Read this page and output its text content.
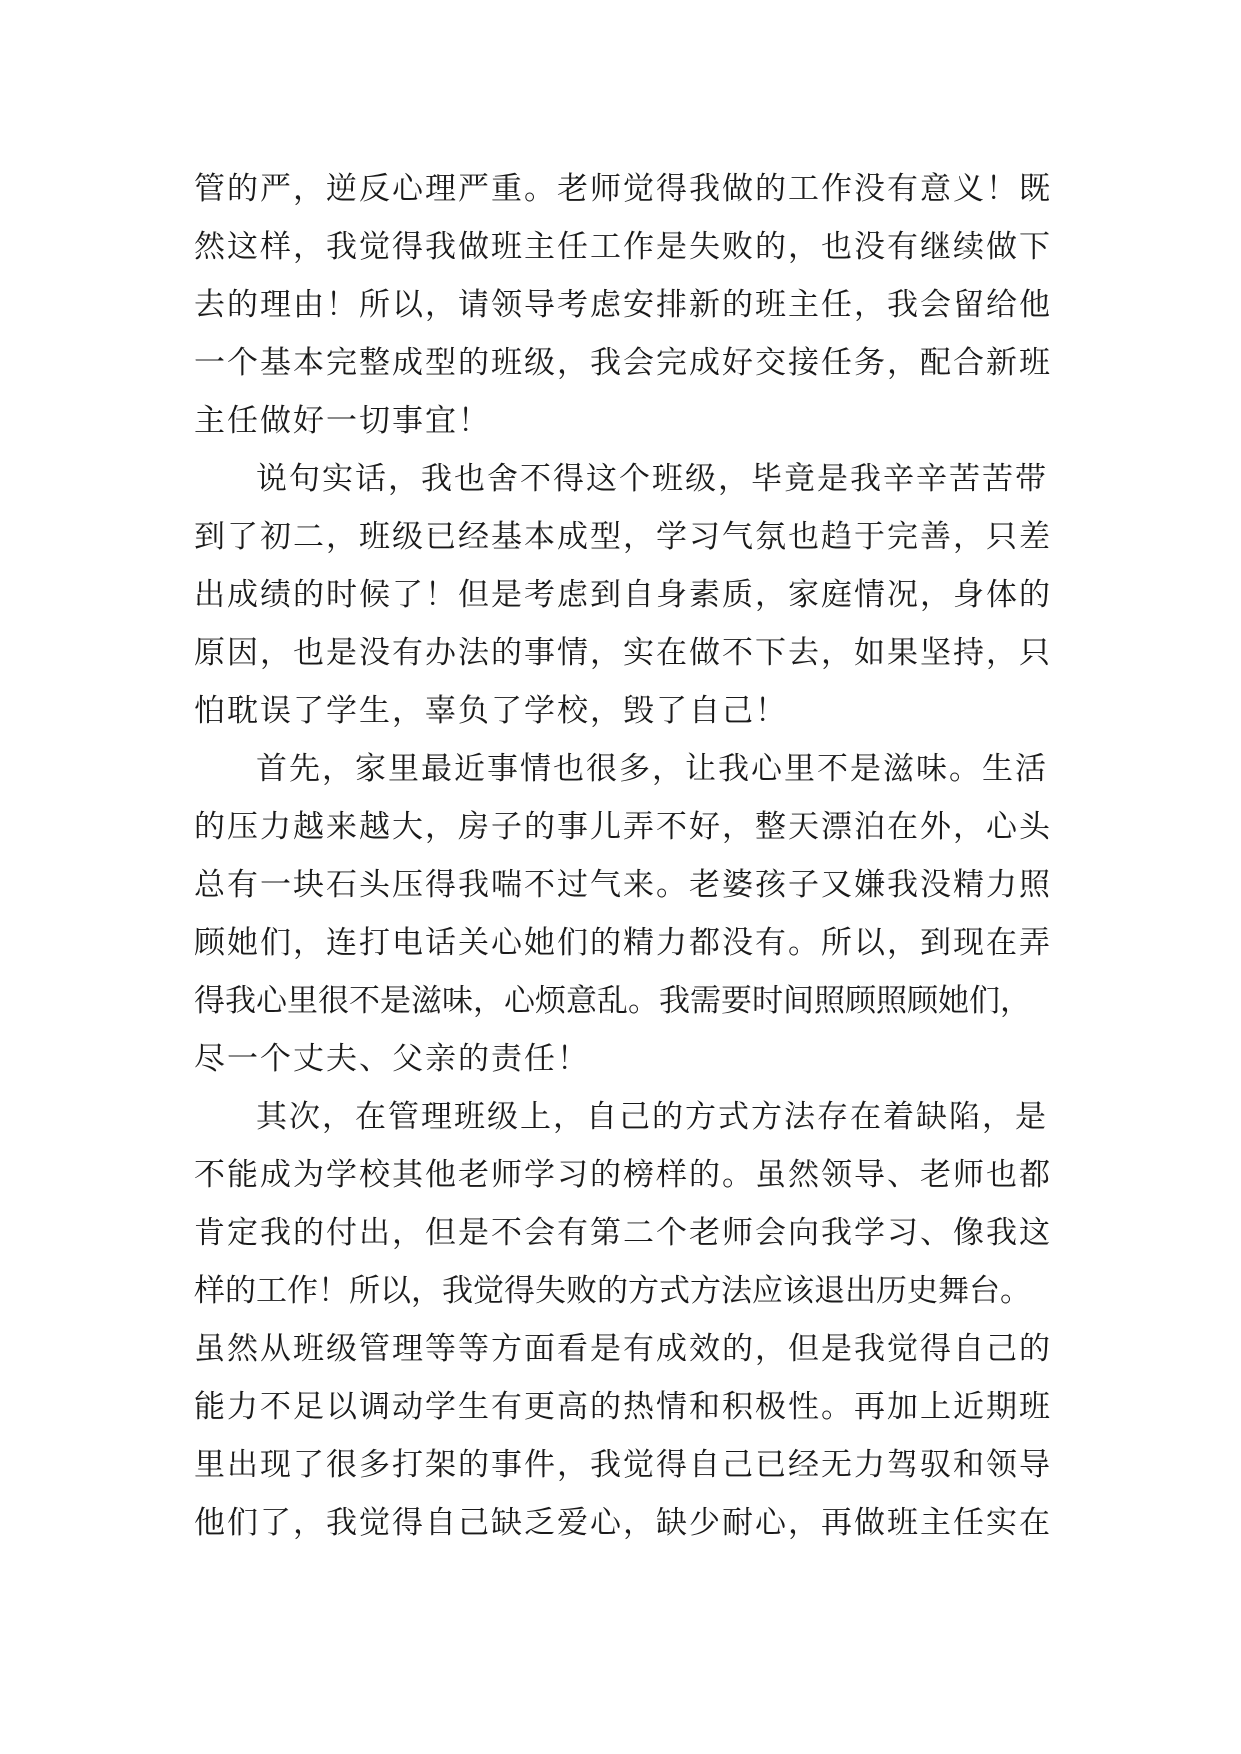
管的严，逆反心理严重。老师觉得我做的工作没有意义！既
然这样，我觉得我做班主任工作是失败的，也没有继续做下
去的理由！所以，请领导考虑安排新的班主任，我会留给他
一个基本完整成型的班级，我会完成好交接任务，配合新班
主任做好一切事宜！
说句实话，我也舍不得这个班级，毕竟是我辛辛苦苦带
到了初二，班级已经基本成型，学习气氛也趋于完善，只差
出成绩的时候了！但是考虑到自身素质，家庭情况，身体的
原因，也是没有办法的事情，实在做不下去，如果坚持，只
怕耽误了学生，辜负了学校，毁了自己！
首先，家里最近事情也很多，让我心里不是滋味。生活
的压力越来越大，房子的事儿弄不好，整天漂泊在外，心头
总有一块石头压得我喘不过气来。老婆孩子又嫌我没精力照
顾她们，连打电话关心她们的精力都没有。所以，到现在弄
得我心里很不是滋味，心烦意乱。我需要时间照顾照顾她们，
尽一个丈夫、父亲的责任！
其次，在管理班级上，自己的方式方法存在着缺陷，是
不能成为学校其他老师学习的榜样的。虽然领导、老师也都
肯定我的付出，但是不会有第二个老师会向我学习、像我这
样的工作！所以，我觉得失败的方式方法应该退出历史舞台。
虽然从班级管理等等方面看是有成效的，但是我觉得自己的
能力不足以调动学生有更高的热情和积极性。再加上近期班
里出现了很多打架的事件，我觉得自己已经无力驾驭和领导
他们了，我觉得自己缺乏爱心，缺少耐心，再做班主任实在
